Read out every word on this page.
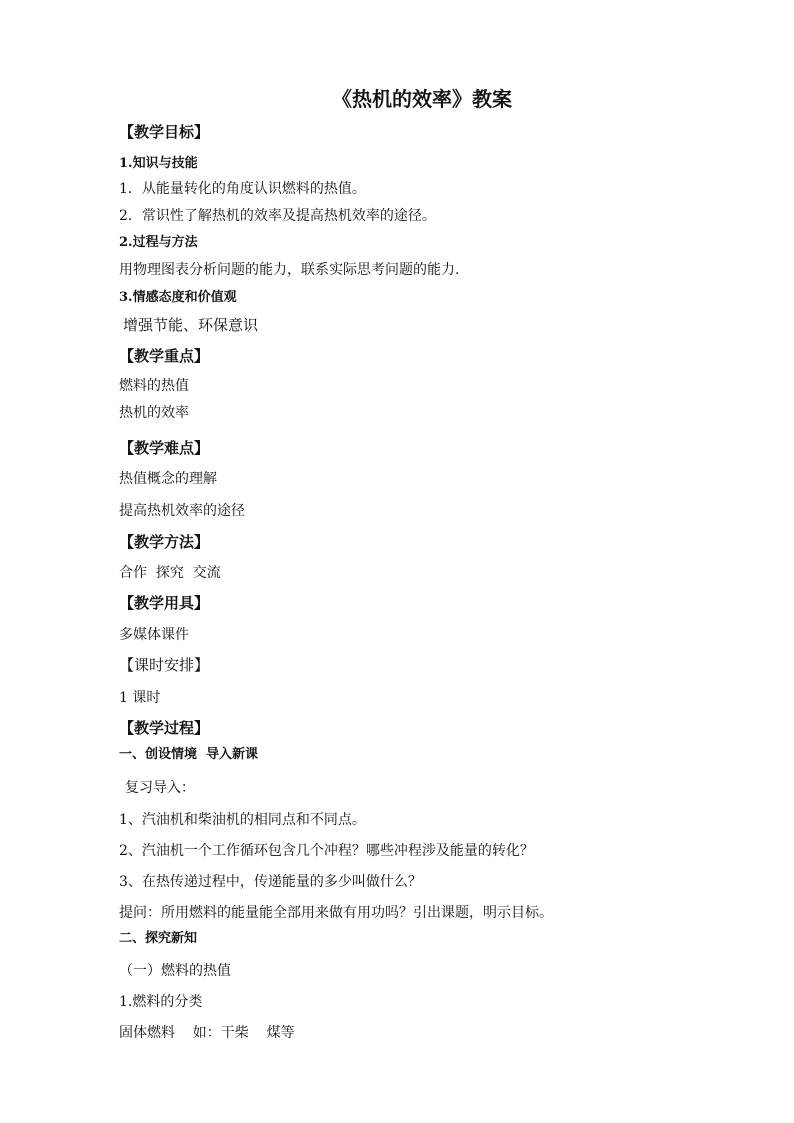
《热机的效率》教案
【教学目标】
1.知识与技能
1．从能量转化的角度认识燃料的热值。
2．常识性了解热机的效率及提高热机效率的途径。
2.过程与方法
用物理图表分析问题的能力，联系实际思考问题的能力.
3.情感态度和价值观
增强节能、环保意识
【教学重点】
燃料的热值
热机的效率
【教学难点】
热值概念的理解
提高热机效率的途径
【教学方法】
合作  探究  交流
【教学用具】
多媒体课件
【课时安排】
1 课时
【教学过程】
一、创设情境  导入新课
复习导入：
1、汽油机和柴油机的相同点和不同点。
2、汽油机一个工作循环包含几个冲程？哪些冲程涉及能量的转化？
3、在热传递过程中，传递能量的多少叫做什么？
提问：所用燃料的能量能全部用来做有用功吗？引出课题，明示目标。
二、探究新知
（一）燃料的热值
1.燃料的分类
固体燃料    如：干柴    煤等
